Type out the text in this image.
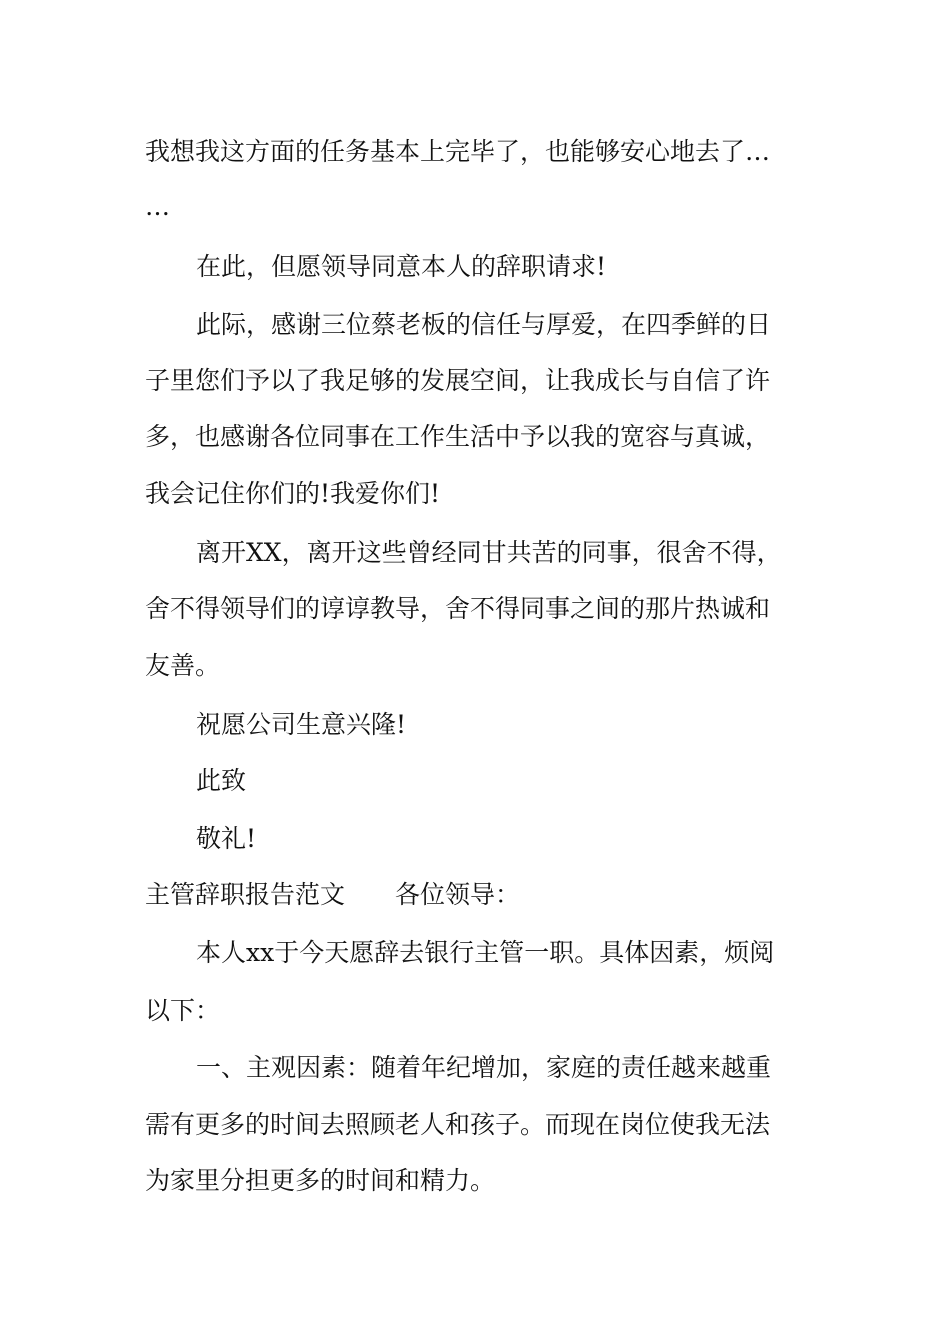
我想我这方面的任务基本上完毕了，也能够安心地去了…
…
在此，但愿领导同意本人的辞职请求!
此际，感谢三位蔡老板的信任与厚爱，在四季鲜的日
子里您们予以了我足够的发展空间，让我成长与自信了许
多，也感谢各位同事在工作生活中予以我的宽容与真诚，
我会记住你们的!我爱你们!
离开XX，离开这些曾经同甘共苦的同事，很舍不得，
舍不得领导们的谆谆教导，舍不得同事之间的那片热诚和
友善。
祝愿公司生意兴隆!
此致
敬礼!
主管辞职报告范文 各位领导：
本人xx于今天愿辞去银行主管一职。具体因素，烦阅
以下：
一、主观因素：随着年纪增加，家庭的责任越来越重
需有更多的时间去照顾老人和孩子。而现在岗位使我无法
为家里分担更多的时间和精力。
